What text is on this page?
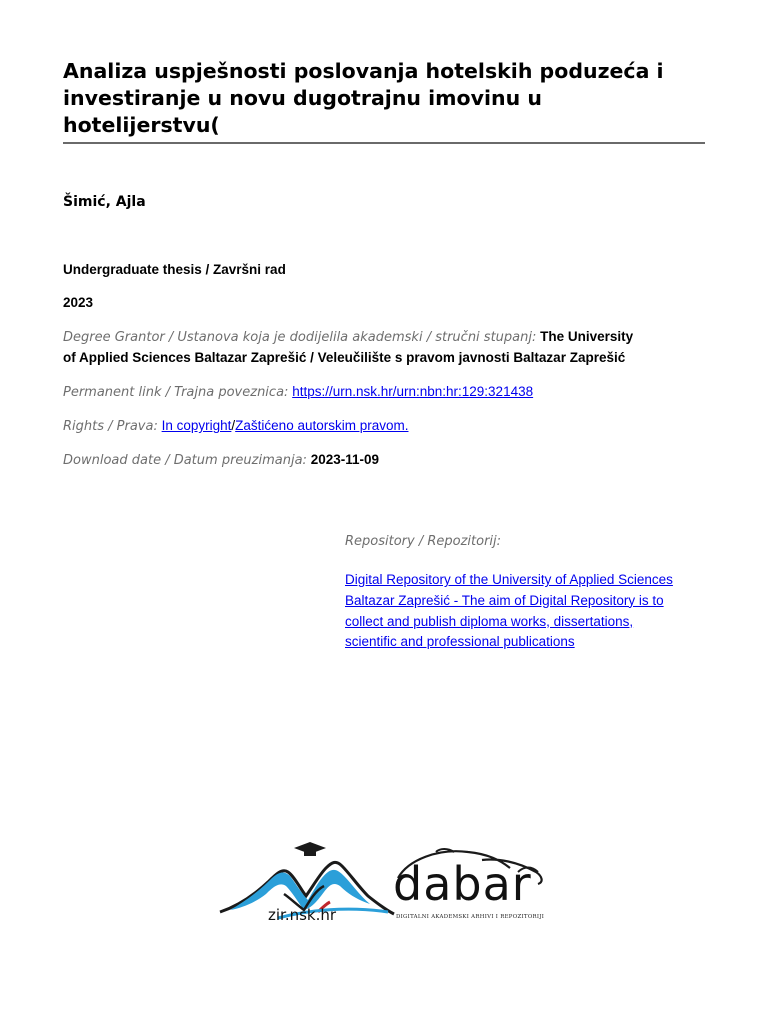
Analiza uspješnosti poslovanja hotelskih poduzeća i investiranje u novu dugotrajnu imovinu u hotelijerstvu(
Šimić, Ajla
Undergraduate thesis / Završni rad
2023
Degree Grantor / Ustanova koja je dodijelila akademski / stručni stupanj: The University
of Applied Sciences Baltazar Zaprešić / Veleučilište s pravom javnosti Baltazar Zaprešić
Permanent link / Trajna poveznica: https://urn.nsk.hr/urn:nbn:hr:129:321438
Rights / Prava: In copyright/Zaštićeno autorskim pravom.
Download date / Datum preuzimanja: 2023-11-09
Repository / Repozitorij:
Digital Repository of the University of Applied Sciences Baltazar Zaprešić - The aim of Digital Repository is to collect and publish diploma works, dissertations, scientific and professional publications
zir.nsk.hr
dabar
DIGITALNI AKADEMSKI ARHIVI I REPOZITORIJI
